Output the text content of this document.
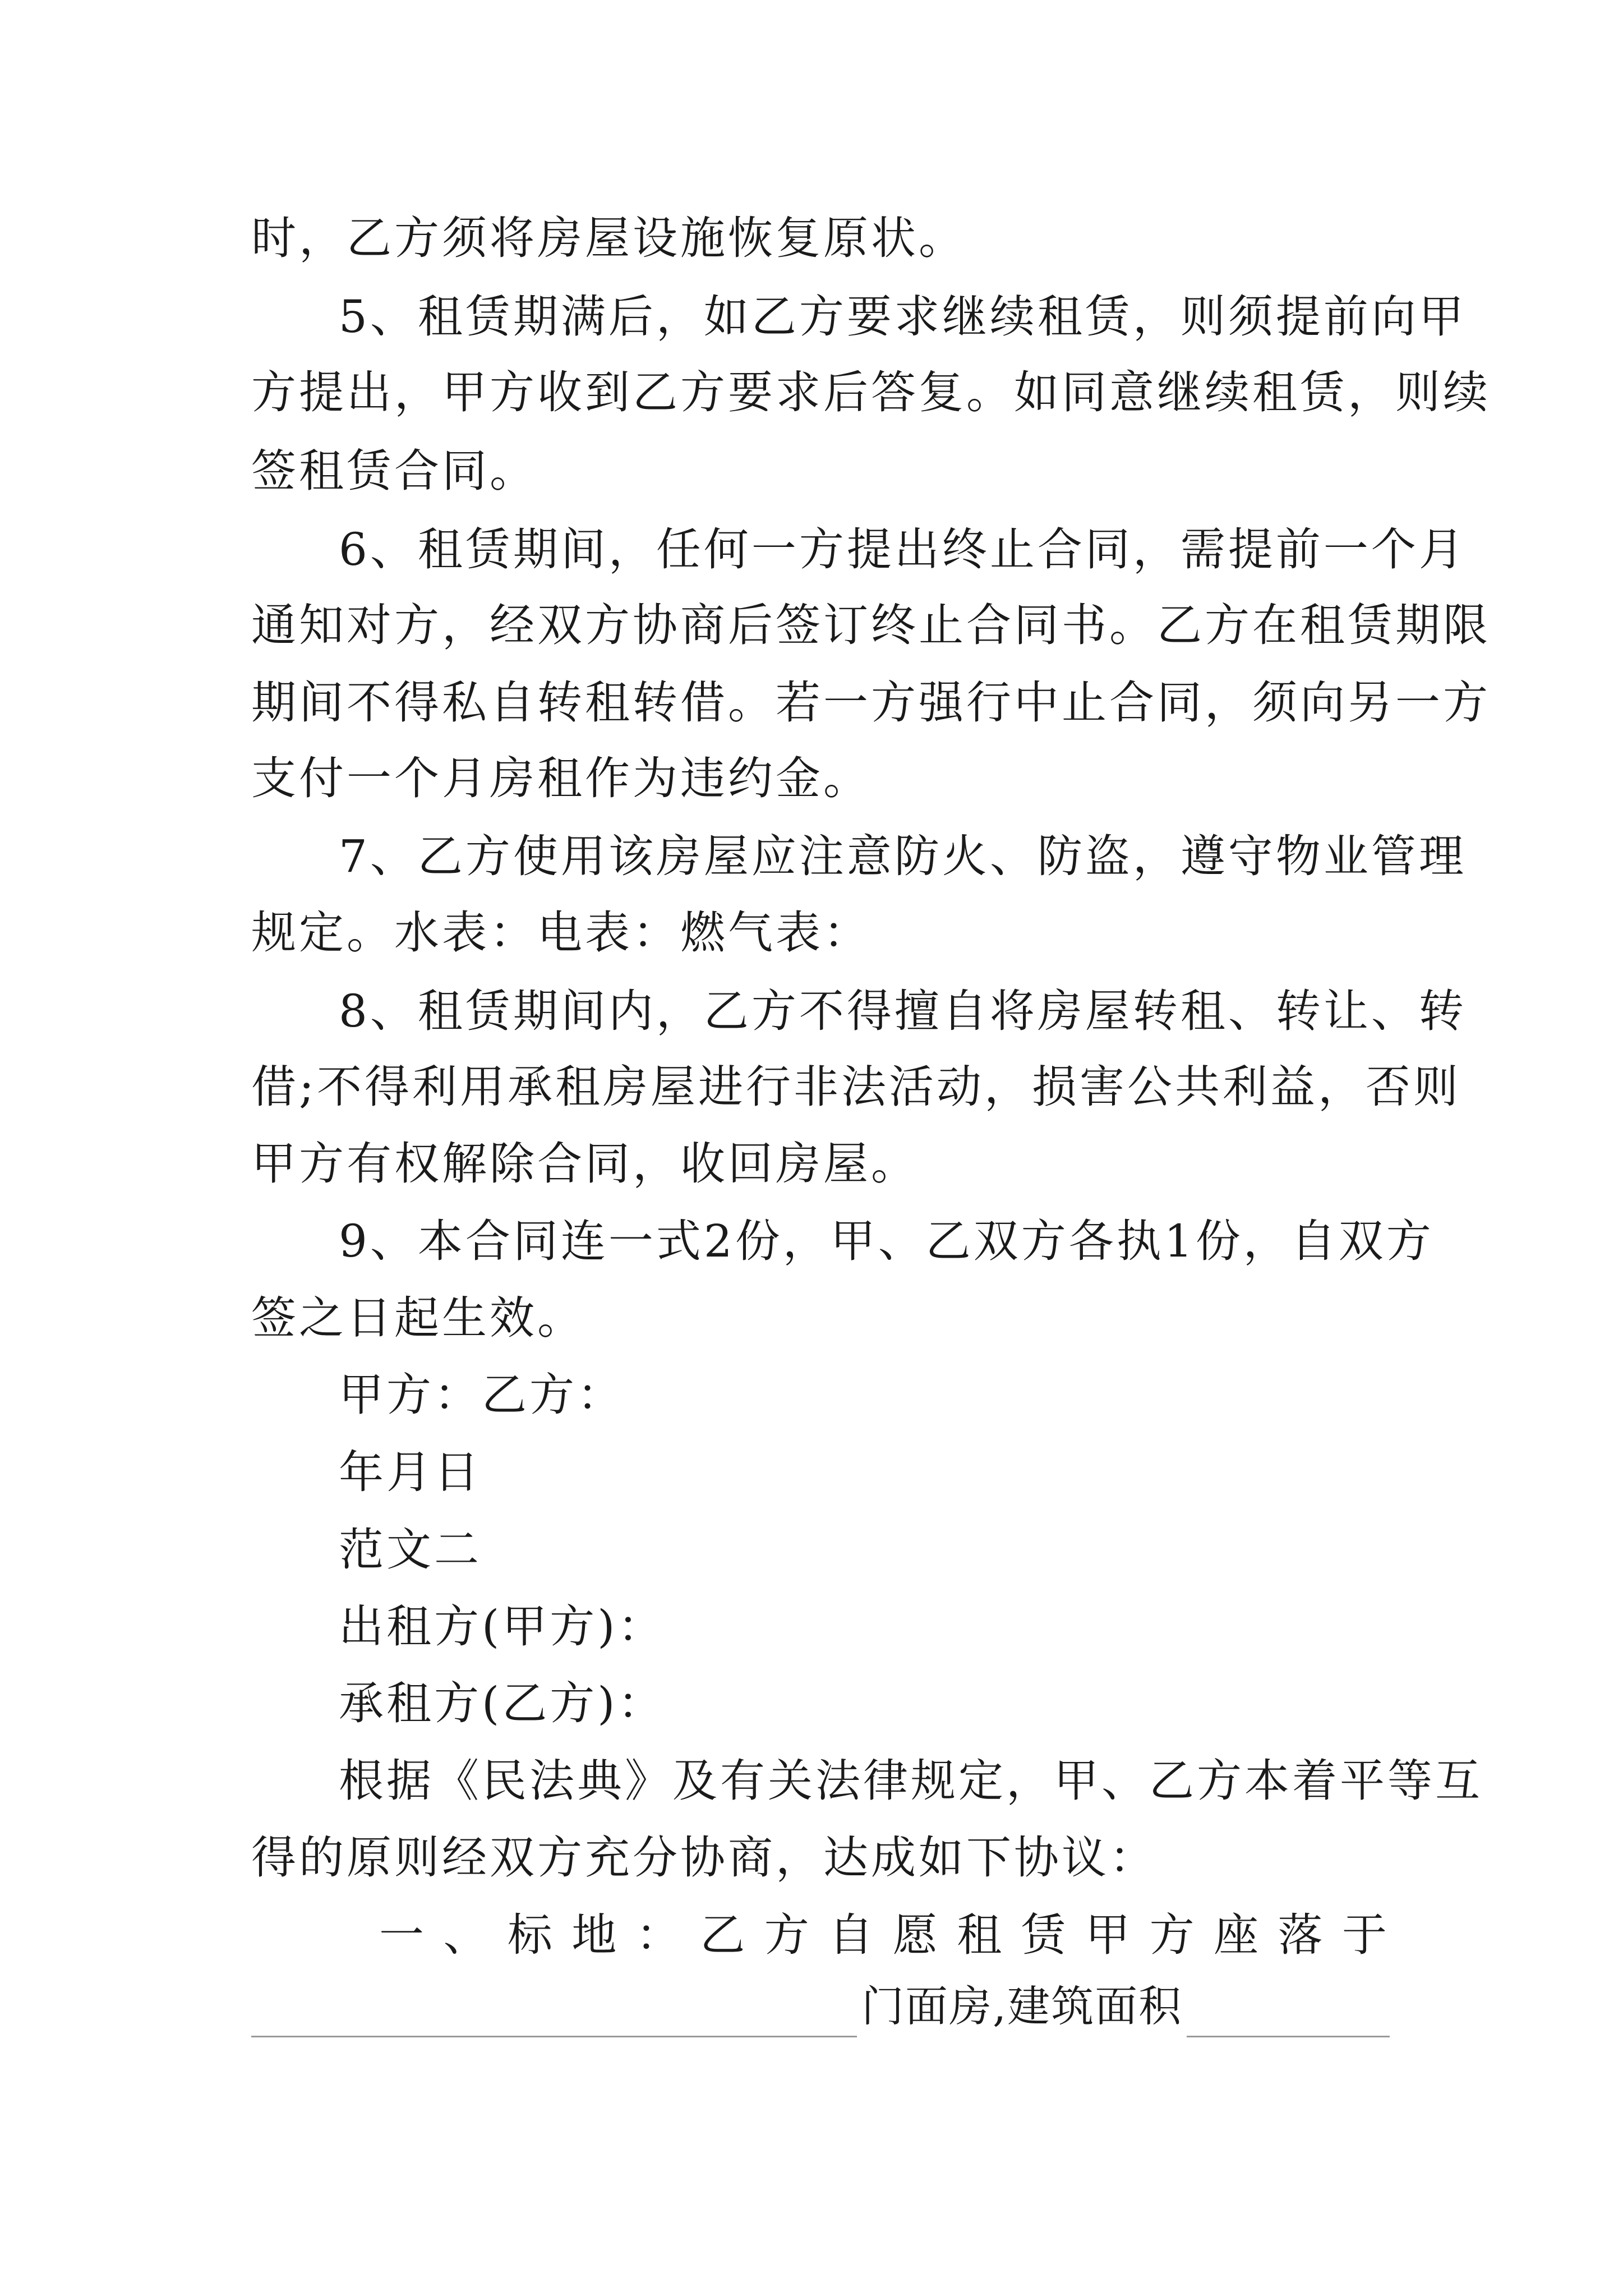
时，乙方须将房屋设施恢复原状。
5、租赁期满后，如乙方要求继续租赁，则须提前向甲
方提出，甲方收到乙方要求后答复。如同意继续租赁，则续
签租赁合同。
6、租赁期间，任何一方提出终止合同，需提前一个月
通知对方，经双方协商后签订终止合同书。乙方在租赁期限
期间不得私自转租转借。若一方强行中止合同，须向另一方
支付一个月房租作为违约金。
7、乙方使用该房屋应注意防火、防盗，遵守物业管理
规定。水表：电表：燃气表：
8、租赁期间内，乙方不得擅自将房屋转租、转让、转
借;不得利用承租房屋进行非法活动，损害公共利益，否则
甲方有权解除合同，收回房屋。
9、本合同连一式2份，甲、乙双方各执1份，自双方
签之日起生效。
甲方：乙方：
年月日
范文二
出租方(甲方)：
承租方(乙方)：
根据《民法典》及有关法律规定，甲、乙方本着平等互
得的原则经双方充分协商，达成如下协议：
一、标地：乙方自愿租赁甲方座落于
门面房,建筑面积
